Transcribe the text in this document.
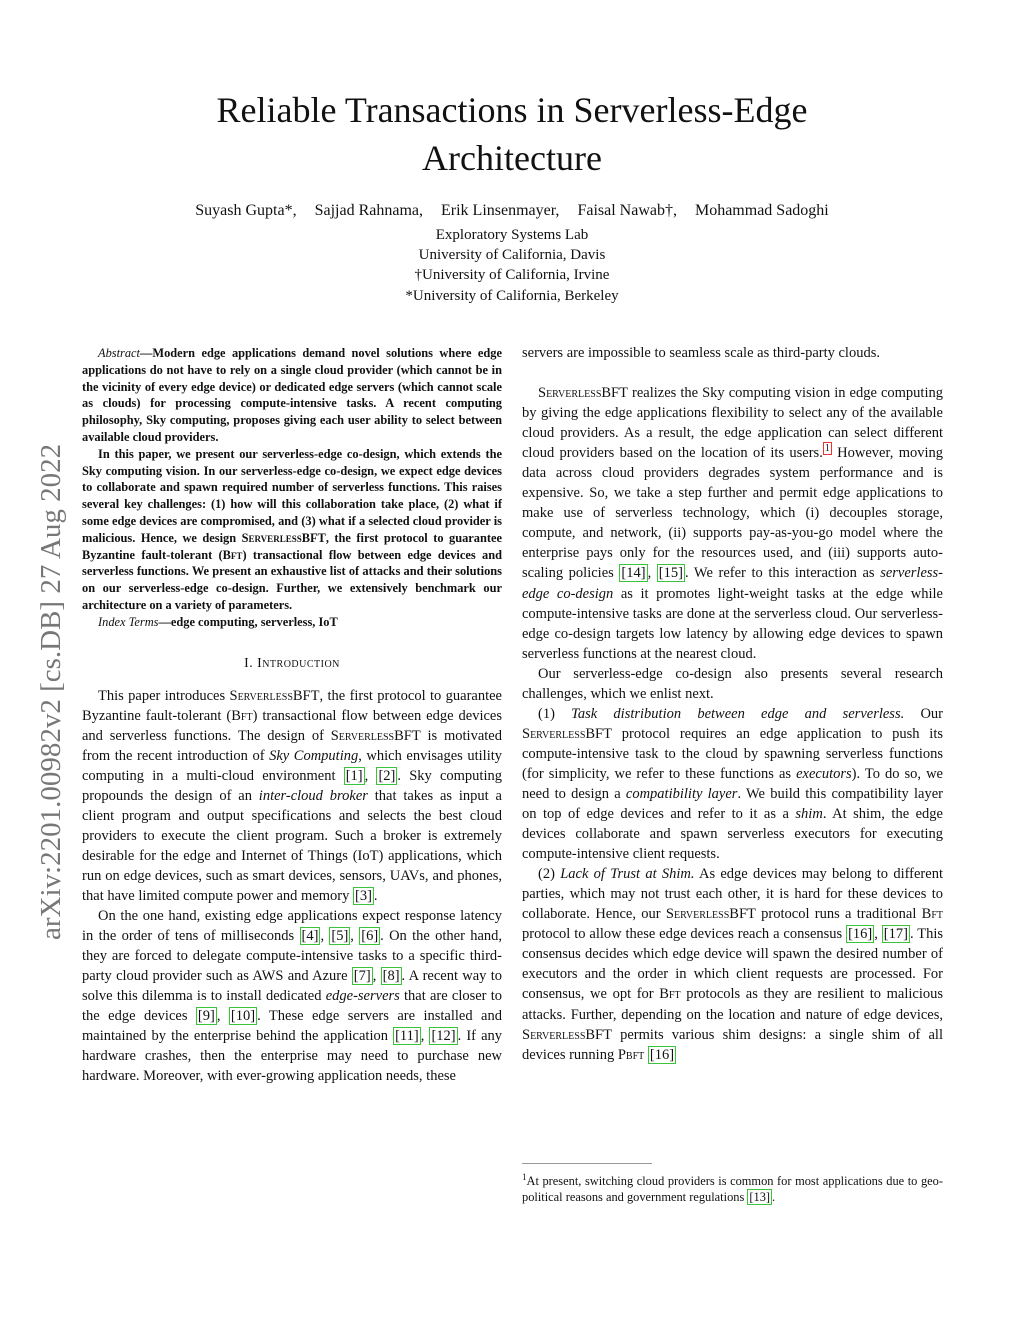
Reliable Transactions in Serverless-Edge
Architecture
Suyash Gupta*, Sajjad Rahnama, Erik Linsenmayer, Faisal Nawab†, Mohammad Sadoghi
Exploratory Systems Lab
University of California, Davis
†University of California, Irvine
*University of California, Berkeley
arXiv:2201.00982v2 [cs.DB] 27 Aug 2022

Abstract—Modern edge applications demand novel solutions where edge applications do not have to rely on a single cloud provider (which cannot be in the vicinity of every edge device) or dedicated edge servers (which cannot scale as clouds) for processing compute-intensive tasks. A recent computing philosophy, Sky computing, proposes giving each user ability to select between available cloud providers.

In this paper, we present our serverless-edge co-design, which extends the Sky computing vision. In our serverless-edge co-design, we expect edge devices to collaborate and spawn required number of serverless functions. This raises several key challenges: (1) how will this collaboration take place, (2) what if some edge devices are compromised, and (3) what if a selected cloud provider is malicious. Hence, we design ServerlessBFT, the first protocol to guarantee Byzantine fault-tolerant (Bft) transactional flow between edge devices and serverless functions. We present an exhaustive list of attacks and their solutions on our serverless-edge co-design. Further, we extensively benchmark our architecture on a variety of parameters.

Index Terms—edge computing, serverless, IoT

I. Introduction

This paper introduces ServerlessBFT, the first protocol to guarantee Byzantine fault-tolerant (Bft) transactional flow between edge devices and serverless functions. The design of ServerlessBFT is motivated from the recent introduction of Sky Computing, which envisages utility computing in a multi-cloud environment [1] , [2] . Sky computing propounds the design of an inter-cloud broker that takes as input a client program and output specifications and selects the best cloud providers to execute the client program. Such a broker is extremely desirable for the edge and Internet of Things (IoT) applications, which run on edge devices, such as smart devices, sensors, UAVs, and phones, that have limited compute power and memory [3] .

On the one hand, existing edge applications expect response latency in the order of tens of milliseconds [4] , [5] , [6] . On the other hand, they are forced to delegate compute-intensive tasks to a specific third-party cloud provider such as AWS and Azure [7] , [8] . A recent way to solve this dilemma is to install dedicated edge-servers that are closer to the edge devices [9] , [10] . These edge servers are installed and maintained by the enterprise behind the application [11] , [12] . If any hardware crashes, then the enterprise may need to purchase new hardware. Moreover, with ever-growing application needs, these

servers are impossible to seamless scale as third-party clouds.

ServerlessBFT realizes the Sky computing vision in edge computing by giving the edge applications flexibility to select any of the available cloud providers. As a result, the edge application can select different cloud providers based on the location of its users. $^1$ However, moving data across cloud providers degrades system performance and is expensive. So, we take a step further and permit edge applications to make use of serverless technology, which (i) decouples storage, compute, and network, (ii) supports pay-as-you-go model where the enterprise pays only for the resources used, and (iii) supports auto-scaling policies [14] , [15] . We refer to this interaction as serverless-edge co-design as it promotes light-weight tasks at the edge while compute-intensive tasks are done at the serverless cloud. Our serverless-edge co-design targets low latency by allowing edge devices to spawn serverless functions at the nearest cloud.

Our serverless-edge co-design also presents several research challenges, which we enlist next.

(1) Task distribution between edge and serverless. Our ServerlessBFT protocol requires an edge application to push its compute-intensive task to the cloud by spawning serverless functions (for simplicity, we refer to these functions as executors). To do so, we need to design a compatibility layer. We build this compatibility layer on top of edge devices and refer to it as a shim. At shim, the edge devices collaborate and spawn serverless executors for executing compute-intensive client requests.

(2) Lack of Trust at Shim. As edge devices may belong to different parties, which may not trust each other, it is hard for these devices to collaborate. Hence, our ServerlessBFT protocol runs a traditional Bft protocol to allow these edge devices reach a consensus [16] , [17] . This consensus decides which edge device will spawn the desired number of executors and the order in which client requests are processed. For consensus, we opt for Bft protocols as they are resilient to malicious attacks. Further, depending on the location and nature of edge devices, ServerlessBFT permits various shim designs: a single shim of all devices running Pbft [16]

$^1$At present, switching cloud providers is common for most applications due to geo-political reasons and government regulations [13] .
